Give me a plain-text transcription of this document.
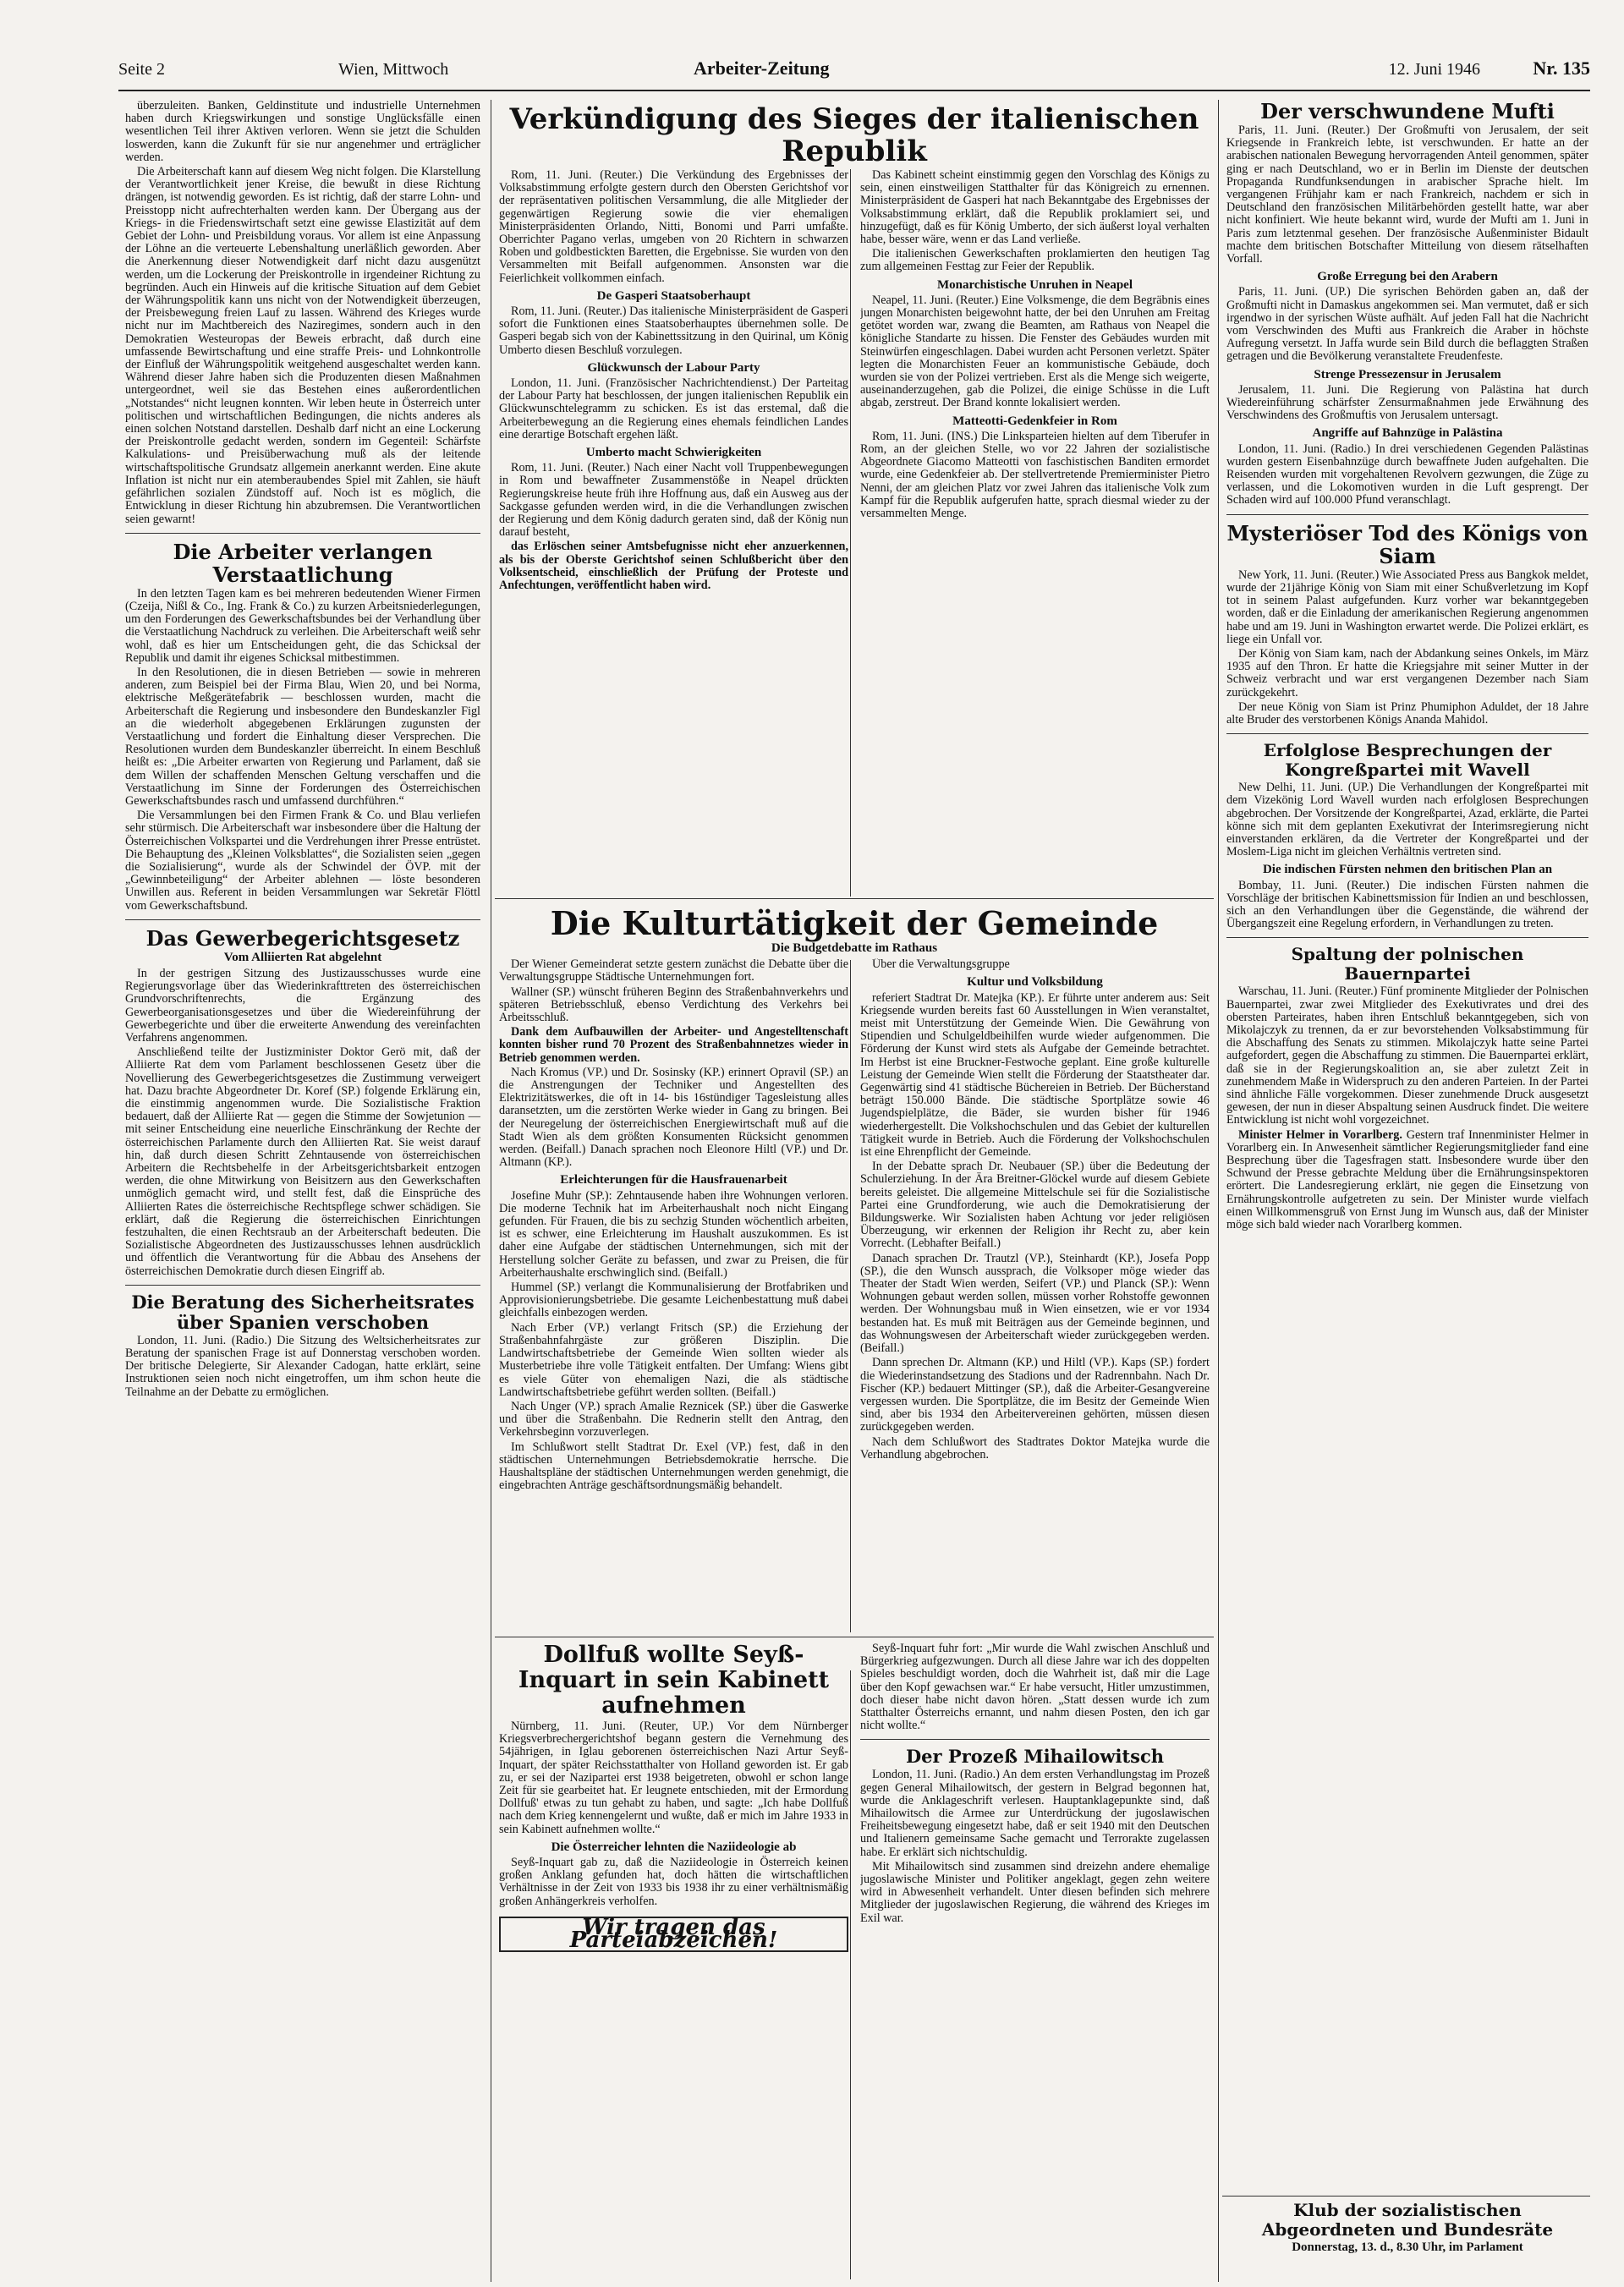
Seite 2	Wien, Mittwoch	Arbeiter-Zeitung	12. Juni 1946	Nr. 135

überzuleiten. Banken, Geldinstitute und industrielle Unternehmen haben durch Kriegswirkungen und sonstige Unglücksfälle einen wesentlichen Teil ihrer Aktiven verloren. Wenn sie jetzt die Schulden loswerden, kann die Zukunft für sie nur angenehmer und erträglicher werden.

Die Arbeiterschaft kann auf diesem Weg nicht folgen. Die Klarstellung der Verantwortlichkeit jener Kreise, die bewußt in diese Richtung drängen, ist notwendig geworden. Es ist richtig, daß der starre Lohn- und Preisstopp nicht aufrechterhalten werden kann. Der Übergang aus der Kriegs- in die Friedenswirtschaft setzt eine gewisse Elastizität auf dem Gebiet der Lohn- und Preisbildung voraus. Vor allem ist eine Anpassung der Löhne an die verteuerte Lebenshaltung unerläßlich geworden. Aber die Anerkennung dieser Notwendigkeit darf nicht dazu ausgenützt werden, um die Lockerung der Preiskontrolle in irgendeiner Richtung zu begründen. Auch ein Hinweis auf die kritische Situation auf dem Gebiet der Währungspolitik kann uns nicht von der Notwendigkeit überzeugen, der Preisbewegung freien Lauf zu lassen. Während des Krieges wurde nicht nur im Machtbereich des Naziregimes, sondern auch in den Demokratien Westeuropas der Beweis erbracht, daß durch eine umfassende Bewirtschaftung und eine straffe Preis- und Lohnkontrolle der Einfluß der Währungspolitik weitgehend ausgeschaltet werden kann. Während dieser Jahre haben sich die Produzenten diesen Maßnahmen untergeordnet, weil sie das Bestehen eines außerordentlichen „Notstandes“ nicht leugnen konnten. Wir leben heute in Österreich unter politischen und wirtschaftlichen Bedingungen, die nichts anderes als einen solchen Notstand darstellen. Deshalb darf nicht an eine Lockerung der Preiskontrolle gedacht werden, sondern im Gegenteil: Schärfste Kalkulations- und Preisüberwachung muß als der leitende wirtschaftspolitische Grundsatz allgemein anerkannt werden. Eine akute Inflation ist nicht nur ein atemberaubendes Spiel mit Zahlen, sie häuft gefährlichen sozialen Zündstoff auf. Noch ist es möglich, die Entwicklung in dieser Richtung hin abzubremsen. Die Verantwortlichen seien gewarnt!

Die Arbeiter verlangen Verstaatlichung

In den letzten Tagen kam es bei mehreren bedeutenden Wiener Firmen (Czeija, Nißl & Co., Ing. Frank & Co.) zu kurzen Arbeitsniederlegungen, um den Forderungen des Gewerkschaftsbundes bei der Verhandlung über die Verstaatlichung Nachdruck zu verleihen. Die Arbeiterschaft weiß sehr wohl, daß es hier um Entscheidungen geht, die das Schicksal der Republik und damit ihr eigenes Schicksal mitbestimmen.

In den Resolutionen, die in diesen Betrieben — sowie in mehreren anderen, zum Beispiel bei der Firma Blau, Wien 20, und bei Norma, elektrische Meßgerätefabrik — beschlossen wurden, macht die Arbeiterschaft die Regierung und insbesondere den Bundeskanzler Figl an die wiederholt abgegebenen Erklärungen zugunsten der Verstaatlichung und fordert die Einhaltung dieser Versprechen. Die Resolutionen wurden dem Bundeskanzler überreicht. In einem Beschluß heißt es: „Die Arbeiter erwarten von Regierung und Parlament, daß sie dem Willen der schaffenden Menschen Geltung verschaffen und die Verstaatlichung im Sinne der Forderungen des Österreichischen Gewerkschaftsbundes rasch und umfassend durchführen.“

Die Versammlungen bei den Firmen Frank & Co. und Blau verliefen sehr stürmisch. Die Arbeiterschaft war insbesondere über die Haltung der Österreichischen Volkspartei und die Verdrehungen ihrer Presse entrüstet. Die Behauptung des „Kleinen Volksblattes“, die Sozialisten seien „gegen die Sozialisierung“, wurde als der Schwindel der ÖVP. mit der „Gewinnbeteiligung“ der Arbeiter ablehnen — löste besonderen Unwillen aus. Referent in beiden Versammlungen war Sekretär Flöttl vom Gewerkschaftsbund.

Das Gewerbegerichtsgesetz
Vom Alliierten Rat abgelehnt

In der gestrigen Sitzung des Justizausschusses wurde eine Regierungsvorlage über das Wiederinkrafttreten des österreichischen Grundvorschriftenrechts, die Ergänzung des Gewerbeorganisationsgesetzes und über die Wiedereinführung der Gewerbegerichte und über die erweiterte Anwendung des vereinfachten Verfahrens angenommen.

Anschließend teilte der Justizminister Doktor Gerö mit, daß der Alliierte Rat dem vom Parlament beschlossenen Gesetz über die Novellierung des Gewerbegerichtsgesetzes die Zustimmung verweigert hat. Dazu brachte Abgeordneter Dr. Koref (SP.) folgende Erklärung ein, die einstimmig angenommen wurde. Die Sozialistische Fraktion bedauert, daß der Alliierte Rat — gegen die Stimme der Sowjetunion — mit seiner Entscheidung eine neuerliche Einschränkung der Rechte der österreichischen Parlamente durch den Alliierten Rat. Sie weist darauf hin, daß durch diesen Schritt Zehntausende von österreichischen Arbeitern die Rechtsbehelfe in der Arbeitsgerichtsbarkeit entzogen werden, die ohne Mitwirkung von Beisitzern aus den Gewerkschaften unmöglich gemacht wird, und stellt fest, daß die Einsprüche des Alliierten Rates die österreichische Rechtspflege schwer schädigen. Sie erklärt, daß die Regierung die österreichischen Einrichtungen festzuhalten, die einen Rechtsraub an der Arbeiterschaft bedeuten. Die Sozialistische Abgeordneten des Justizausschusses lehnen ausdrücklich und öffentlich die Verantwortung für die Abbau des Ansehens der österreichischen Demokratie durch diesen Eingriff ab.

Die Beratung des Sicherheitsrates über Spanien verschoben

London, 11. Juni. (Radio.) Die Sitzung des Weltsicherheitsrates zur Beratung der spanischen Frage ist auf Donnerstag verschoben worden. Der britische Delegierte, Sir Alexander Cadogan, hatte erklärt, seine Instruktionen seien noch nicht eingetroffen, um ihm schon heute die Teilnahme an der Debatte zu ermöglichen.

Verkündigung des Sieges der italienischen Republik

Rom, 11. Juni. (Reuter.) Die Verkündung des Ergebnisses der Volksabstimmung erfolgte gestern durch den Obersten Gerichtshof vor der repräsentativen politischen Versammlung, die alle Mitglieder der gegenwärtigen Regierung sowie die vier ehemaligen Ministerpräsidenten Orlando, Nitti, Bonomi und Parri umfaßte. Oberrichter Pagano verlas, umgeben von 20 Richtern in schwarzen Roben und goldbestickten Baretten, die Ergebnisse. Sie wurden von den Versammelten mit Beifall aufgenommen. Ansonsten war die Feierlichkeit vollkommen einfach.

De Gasperi Staatsoberhaupt

Rom, 11. Juni. (Reuter.) Das italienische Ministerpräsident de Gasperi sofort die Funktionen eines Staatsoberhauptes übernehmen solle. De Gasperi begab sich von der Kabinettssitzung in den Quirinal, um König Umberto diesen Beschluß vorzulegen.

Glückwunsch der Labour Party

London, 11. Juni. (Französischer Nachrichtendienst.) Der Parteitag der Labour Party hat beschlossen, der jungen italienischen Republik ein Glückwunschtelegramm zu schicken. Es ist das erstemal, daß die Arbeiterbewegung an die Regierung eines ehemals feindlichen Landes eine derartige Botschaft ergehen läßt.

Umberto macht Schwierigkeiten

Rom, 11. Juni. (Reuter.) Nach einer Nacht voll Truppenbewegungen in Rom und bewaffneter Zusammenstöße in Neapel drückten Regierungskreise heute früh ihre Hoffnung aus, daß ein Ausweg aus der Sackgasse gefunden werden wird, in die die Verhandlungen zwischen der Regierung und dem König dadurch geraten sind, daß der König nun darauf besteht,

das Erlöschen seiner Amtsbefugnisse nicht eher anzuerkennen, als bis der Oberste Gerichtshof seinen Schlußbericht über den Volksentscheid, einschließlich der Prüfung der Proteste und Anfechtungen, veröffentlicht haben wird.

Das Kabinett scheint einstimmig gegen den Vorschlag des Königs zu sein, einen einstweiligen Statthalter für das Königreich zu ernennen. Ministerpräsident de Gasperi hat nach Bekanntgabe des Ergebnisses der Volksabstimmung erklärt, daß die Republik proklamiert sei, und hinzugefügt, daß es für König Umberto, der sich äußerst loyal verhalten habe, besser wäre, wenn er das Land verließe.

Die italienischen Gewerkschaften proklamierten den heutigen Tag zum allgemeinen Festtag zur Feier der Republik.

Monarchistische Unruhen in Neapel

Neapel, 11. Juni. (Reuter.) Eine Volksmenge, die dem Begräbnis eines jungen Monarchisten beigewohnt hatte, der bei den Unruhen am Freitag getötet worden war, zwang die Beamten, am Rathaus von Neapel die königliche Standarte zu hissen. Die Fenster des Gebäudes wurden mit Steinwürfen eingeschlagen. Dabei wurden acht Personen verletzt. Später legten die Monarchisten Feuer an kommunistische Gebäude, doch wurden sie von der Polizei vertrieben. Erst als die Menge sich weigerte, auseinanderzugehen, gab die Polizei, die einige Schüsse in die Luft abgab, zerstreut. Der Brand konnte lokalisiert werden.

Matteotti-Gedenkfeier in Rom

Rom, 11. Juni. (INS.) Die Linksparteien hielten auf dem Tiberufer in Rom, an der gleichen Stelle, wo vor 22 Jahren der sozialistische Abgeordnete Giacomo Matteotti von faschistischen Banditen ermordet wurde, eine Gedenkfeier ab. Der stellvertretende Premierminister Pietro Nenni, der am gleichen Platz vor zwei Jahren das italienische Volk zum Kampf für die Republik aufgerufen hatte, sprach diesmal wieder zu der versammelten Menge.

Die Kulturtätigkeit der Gemeinde
Die Budgetdebatte im Rathaus

Der Wiener Gemeinderat setzte gestern zunächst die Debatte über die Verwaltungsgruppe Städtische Unternehmungen fort.

Wallner (SP.) wünscht früheren Beginn des Straßenbahnverkehrs und späteren Betriebsschluß, ebenso Verdichtung des Verkehrs bei Arbeitsschluß.

Dank dem Aufbauwillen der Arbeiter- und Angestelltenschaft konnten bisher rund 70 Prozent des Straßenbahnnetzes wieder in Betrieb genommen werden.

Nach Kromus (VP.) und Dr. Sosinsky (KP.) erinnert Opravil (SP.) an die Anstrengungen der Techniker und Angestellten des Elektrizitätswerkes, die oft in 14- bis 16stündiger Tagesleistung alles daransetzten, um die zerstörten Werke wieder in Gang zu bringen. Bei der Neuregelung der österreichischen Energiewirtschaft muß auf die Stadt Wien als dem größten Konsumenten Rücksicht genommen werden. (Beifall.) Danach sprachen noch Eleonore Hiltl (VP.) und Dr. Altmann (KP.).

Erleichterungen für die Hausfrauenarbeit

Josefine Muhr (SP.): Zehntausende haben ihre Wohnungen verloren. Die moderne Technik hat im Arbeiterhaushalt noch nicht Eingang gefunden. Für Frauen, die bis zu sechzig Stunden wöchentlich arbeiten, ist es schwer, eine Erleichterung im Haushalt auszukommen. Es ist daher eine Aufgabe der städtischen Unternehmungen, sich mit der Herstellung solcher Geräte zu befassen, und zwar zu Preisen, die für Arbeiterhaushalte erschwinglich sind. (Beifall.)

Hummel (SP.) verlangt die Kommunalisierung der Brotfabriken und Approvisionierungsbetriebe. Die gesamte Leichenbestattung muß dabei gleichfalls einbezogen werden.

Nach Erber (VP.) verlangt Fritsch (SP.) die Erziehung der Straßenbahnfahrgäste zur größeren Disziplin. Die Landwirtschaftsbetriebe der Gemeinde Wien sollten wieder als Musterbetriebe ihre volle Tätigkeit entfalten. Der Umfang: Wiens gibt es viele Güter von ehemaligen Nazi, die als städtische Landwirtschaftsbetriebe geführt werden sollten. (Beifall.)

Nach Unger (VP.) sprach Amalie Reznicek (SP.) über die Gaswerke und über die Straßenbahn. Die Rednerin stellt den Antrag, den Verkehrsbeginn vorzuverlegen.

Im Schlußwort stellt Stadtrat Dr. Exel (VP.) fest, daß in den städtischen Unternehmungen Betriebsdemokratie herrsche. Die Haushaltspläne der städtischen Unternehmungen werden genehmigt, die eingebrachten Anträge geschäftsordnungsmäßig behandelt.

Über die Verwaltungsgruppe

Kultur und Volksbildung

referiert Stadtrat Dr. Matejka (KP.). Er führte unter anderem aus: Seit Kriegsende wurden bereits fast 60 Ausstellungen in Wien veranstaltet, meist mit Unterstützung der Gemeinde Wien. Die Gewährung von Stipendien und Schulgeldbeihilfen wurde wieder aufgenommen. Die Förderung der Kunst wird stets als Aufgabe der Gemeinde betrachtet. Im Herbst ist eine Bruckner-Festwoche geplant. Eine große kulturelle Leistung der Gemeinde Wien stellt die Förderung der Staatstheater dar. Gegenwärtig sind 41 städtische Büchereien in Betrieb. Der Bücherstand beträgt 150.000 Bände. Die städtische Sportplätze sowie 46 Jugendspielplätze, die Bäder, sie wurden bisher für 1946 wiederhergestellt. Die Volkshochschulen und das Gebiet der kulturellen Tätigkeit wurde in Betrieb. Auch die Förderung der Volkshochschulen ist eine Ehrenpflicht der Gemeinde.

In der Debatte sprach Dr. Neubauer (SP.) über die Bedeutung der Schulerziehung. In der Ära Breitner-Glöckel wurde auf diesem Gebiete bereits geleistet. Die allgemeine Mittelschule sei für die Sozialistische Partei eine Grundforderung, wie auch die Demokratisierung der Bildungswerke. Wir Sozialisten haben Achtung vor jeder religiösen Überzeugung, wir erkennen der Religion ihr Recht zu, aber kein Vorrecht. (Lebhafter Beifall.)

Danach sprachen Dr. Trautzl (VP.), Steinhardt (KP.), Josefa Popp (SP.), die den Wunsch aussprach, die Volksoper möge wieder das Theater der Stadt Wien werden, Seifert (VP.) und Planck (SP.): Wenn Wohnungen gebaut werden sollen, müssen vorher Rohstoffe gewonnen werden. Der Wohnungsbau muß in Wien einsetzen, wie er vor 1934 bestanden hat. Es muß mit Beiträgen aus der Gemeinde beginnen, und das Wohnungswesen der Arbeiterschaft wieder zurückgegeben werden. (Beifall.)

Dann sprechen Dr. Altmann (KP.) und Hiltl (VP.). Kaps (SP.) fordert die Wiederinstandsetzung des Stadions und der Radrennbahn. Nach Dr. Fischer (KP.) bedauert Mittinger (SP.), daß die Arbeiter-Gesangvereine vergessen wurden. Die Sportplätze, die im Besitz der Gemeinde Wien sind, aber bis 1934 den Arbeitervereinen gehörten, müssen diesen zurückgegeben werden.

Nach dem Schlußwort des Stadtrates Doktor Matejka wurde die Verhandlung abgebrochen.

Dollfuß wollte Seyß-Inquart in sein Kabinett aufnehmen

Nürnberg, 11. Juni. (Reuter, UP.) Vor dem Nürnberger Kriegsverbrechergerichtshof begann gestern die Vernehmung des 54jährigen, in Iglau geborenen österreichischen Nazi Artur Seyß-Inquart, der später Reichsstatthalter von Holland geworden ist. Er gab zu, er sei der Nazipartei erst 1938 beigetreten, obwohl er schon lange Zeit für sie gearbeitet hat. Er leugnete entschieden, mit der Ermordung Dollfuß' etwas zu tun gehabt zu haben, und sagte: „Ich habe Dollfuß nach dem Krieg kennengelernt und wußte, daß er mich im Jahre 1933 in sein Kabinett aufnehmen wollte.“

Die Österreicher lehnten die Naziideologie ab

Seyß-Inquart gab zu, daß die Naziideologie in Österreich keinen großen Anklang gefunden hat, doch hätten die wirtschaftlichen Verhältnisse in der Zeit von 1933 bis 1938 ihr zu einer verhältnismäßig großen Anhängerkreis verholfen.

Wir tragen das Parteiabzeichen!

Seyß-Inquart fuhr fort: „Mir wurde die Wahl zwischen Anschluß und Bürgerkrieg aufgezwungen. Durch all diese Jahre war ich des doppelten Spieles beschuldigt worden, doch die Wahrheit ist, daß mir die Lage über den Kopf gewachsen war.“ Er habe versucht, Hitler umzustimmen, doch dieser habe nicht davon hören. „Statt dessen wurde ich zum Statthalter Österreichs ernannt, und nahm diesen Posten, den ich gar nicht wollte.“

Der Prozeß Mihailowitsch

London, 11. Juni. (Radio.) An dem ersten Verhandlungstag im Prozeß gegen General Mihailowitsch, der gestern in Belgrad begonnen hat, wurde die Anklageschrift verlesen. Hauptanklagepunkte sind, daß Mihailowitsch die Armee zur Unterdrückung der jugoslawischen Freiheitsbewegung eingesetzt habe, daß er seit 1940 mit den Deutschen und Italienern gemeinsame Sache gemacht und Terrorakte zugelassen habe. Er erklärt sich nichtschuldig.

Mit Mihailowitsch sind zusammen sind dreizehn andere ehemalige jugoslawische Minister und Politiker angeklagt, gegen zehn weitere wird in Abwesenheit verhandelt. Unter diesen befinden sich mehrere Mitglieder der jugoslawischen Regierung, die während des Krieges im Exil war.

Der verschwundene Mufti

Paris, 11. Juni. (Reuter.) Der Großmufti von Jerusalem, der seit Kriegsende in Frankreich lebte, ist verschwunden. Er hatte an der arabischen nationalen Bewegung hervorragenden Anteil genommen, später ging er nach Deutschland, wo er in Berlin im Dienste der deutschen Propaganda Rundfunksendungen in arabischer Sprache hielt. Im vergangenen Frühjahr kam er nach Frankreich, nachdem er sich in Deutschland den französischen Militärbehörden gestellt hatte, war aber nicht konfiniert. Wie heute bekannt wird, wurde der Mufti am 1. Juni in Paris zum letztenmal gesehen. Der französische Außenminister Bidault machte dem britischen Botschafter Mitteilung von diesem rätselhaften Vorfall.

Große Erregung bei den Arabern

Paris, 11. Juni. (UP.) Die syrischen Behörden gaben an, daß der Großmufti nicht in Damaskus angekommen sei. Man vermutet, daß er sich irgendwo in der syrischen Wüste aufhält. Auf jeden Fall hat die Nachricht vom Verschwinden des Mufti aus Frankreich die Araber in höchste Aufregung versetzt. In Jaffa wurde sein Bild durch die beflaggten Straßen getragen und die Bevölkerung veranstaltete Freudenfeste.

Strenge Pressezensur in Jerusalem

Jerusalem, 11. Juni. Die Regierung von Palästina hat durch Wiedereinführung schärfster Zensurmaßnahmen jede Erwähnung des Verschwindens des Großmuftis von Jerusalem untersagt.

Angriffe auf Bahnzüge in Palästina

London, 11. Juni. (Radio.) In drei verschiedenen Gegenden Palästinas wurden gestern Eisenbahnzüge durch bewaffnete Juden aufgehalten. Die Reisenden wurden mit vorgehaltenen Revolvern gezwungen, die Züge zu verlassen, und die Lokomotiven wurden in die Luft gesprengt. Der Schaden wird auf 100.000 Pfund veranschlagt.

Mysteriöser Tod des Königs von Siam

New York, 11. Juni. (Reuter.) Wie Associated Press aus Bangkok meldet, wurde der 21jährige König von Siam mit einer Schußverletzung im Kopf tot in seinem Palast aufgefunden. Kurz vorher war bekanntgegeben worden, daß er die Einladung der amerikanischen Regierung angenommen habe und am 19. Juni in Washington erwartet werde. Die Polizei erklärt, es liege ein Unfall vor.

Der König von Siam kam, nach der Abdankung seines Onkels, im März 1935 auf den Thron. Er hatte die Kriegsjahre mit seiner Mutter in der Schweiz verbracht und war erst vergangenen Dezember nach Siam zurückgekehrt.

Der neue König von Siam ist Prinz Phumiphon Aduldet, der 18 Jahre alte Bruder des verstorbenen Königs Ananda Mahidol.

Erfolglose Besprechungen der Kongreßpartei mit Wavell

New Delhi, 11. Juni. (UP.) Die Verhandlungen der Kongreßpartei mit dem Vizekönig Lord Wavell wurden nach erfolglosen Besprechungen abgebrochen. Der Vorsitzende der Kongreßpartei, Azad, erklärte, die Partei könne sich mit dem geplanten Exekutivrat der Interimsregierung nicht einverstanden erklären, da die Vertreter der Kongreßpartei und der Moslem-Liga nicht im gleichen Verhältnis vertreten sind.

Die indischen Fürsten nehmen den britischen Plan an

Bombay, 11. Juni. (Reuter.) Die indischen Fürsten nahmen die Vorschläge der britischen Kabinettsmission für Indien an und beschlossen, sich an den Verhandlungen über die Gegenstände, die während der Übergangszeit eine Regelung erfordern, in Verhandlungen zu treten.

Spaltung der polnischen Bauernpartei

Warschau, 11. Juni. (Reuter.) Fünf prominente Mitglieder der Polnischen Bauernpartei, zwar zwei Mitglieder des Exekutivrates und drei des obersten Parteirates, haben ihren Entschluß bekanntgegeben, sich von Mikolajczyk zu trennen, da er zur bevorstehenden Volksabstimmung für die Abschaffung des Senats zu stimmen. Mikolajczyk hatte seine Partei aufgefordert, gegen die Abschaffung zu stimmen. Die Bauernpartei erklärt, daß sie in der Regierungskoalition an, sie aber zuletzt Zeit in zunehmendem Maße in Widerspruch zu den anderen Parteien. In der Partei sind ähnliche Fälle vorgekommen. Dieser zunehmende Druck ausgesetzt gewesen, der nun in dieser Abspaltung seinen Ausdruck findet. Die weitere Entwicklung ist nicht wohl vorgezeichnet.

Minister Helmer in Vorarlberg. Gestern traf Innenminister Helmer in Vorarlberg ein. In Anwesenheit sämtlicher Regierungsmitglieder fand eine Besprechung über die Tagesfragen statt. Insbesondere wurde über den Schwund der Presse gebrachte Meldung über die Ernährungsinspektoren erörtert. Die Landesregierung erklärt, nie gegen die Einsetzung von Ernährungskontrolle aufgetreten zu sein. Der Minister wurde vielfach einen Willkommensgruß von Ernst Jung im Wunsch aus, daß der Minister möge sich bald wieder nach Vorarlberg kommen.

Klub der sozialistischen Abgeordneten und Bundesräte
Donnerstag, 13. d., 8.30 Uhr, im Parlament
